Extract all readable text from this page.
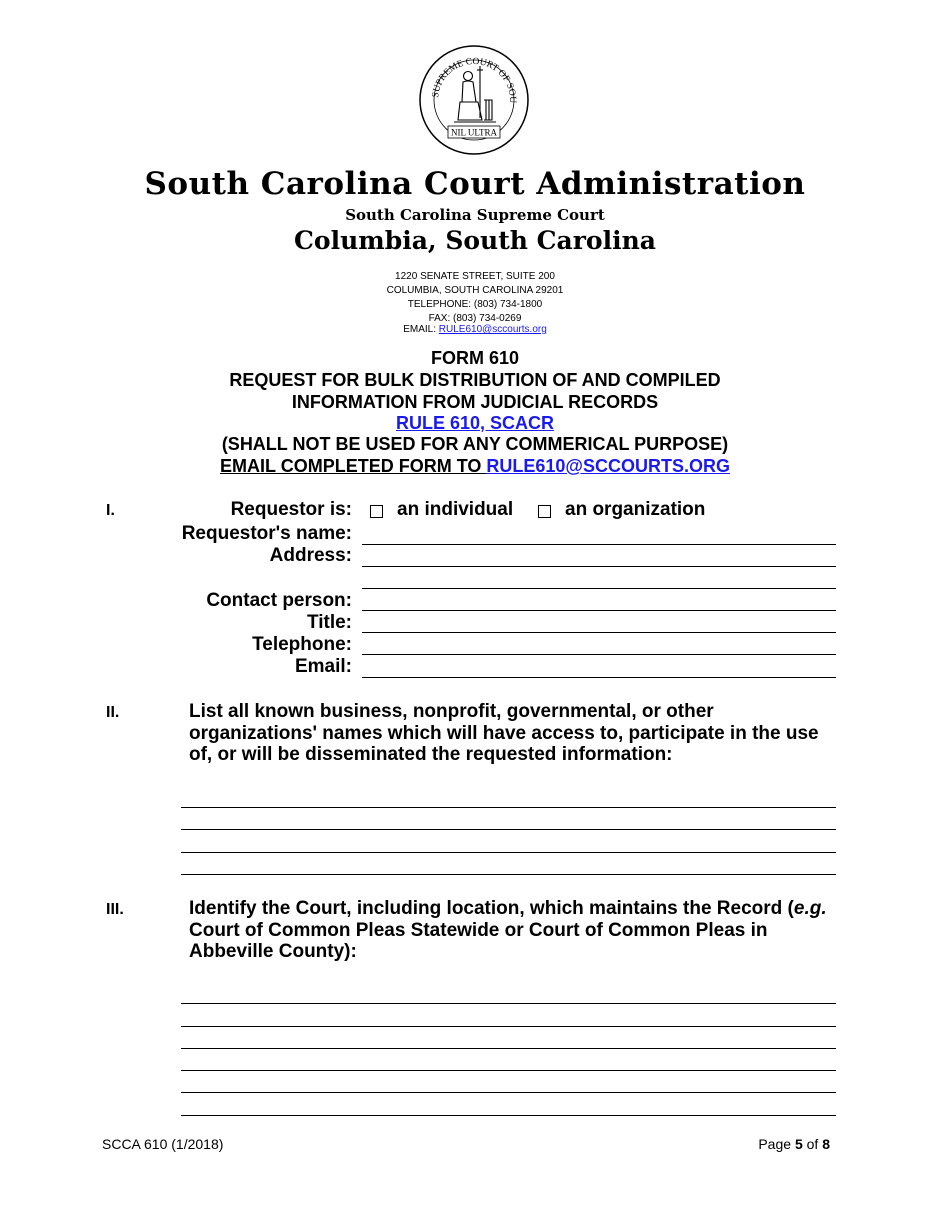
SUPREME COURT OF SOU
NIL ULTRA
South Carolina Court Administration
South Carolina Supreme Court
Columbia, South Carolina
1220 SENATE STREET, SUITE 200
COLUMBIA, SOUTH CAROLINA 29201
TELEPHONE: (803) 734-1800
FAX: (803) 734-0269
EMAIL: RULE610@sccourts.org
FORM 610
REQUEST FOR BULK DISTRIBUTION OF AND COMPILED
INFORMATION FROM JUDICIAL RECORDS
RULE 610, SCACR
(SHALL NOT BE USED FOR ANY COMMERICAL PURPOSE)
EMAIL COMPLETED FORM TO RULE610@SCCOURTS.ORG
I.	Requestor is: an individual	an organization
Requestor's name:
Address:
Contact person:
Title:
Telephone:
Email:
II.	List all known business, nonprofit, governmental, or other organizations' names which will have access to, participate in the use of, or will be disseminated the requested information:
III.	Identify the Court, including location, which maintains the Record (e.g. Court of Common Pleas Statewide or Court of Common Pleas in Abbeville County):
SCCA 610 (1/2018)	Page 5 of 8
